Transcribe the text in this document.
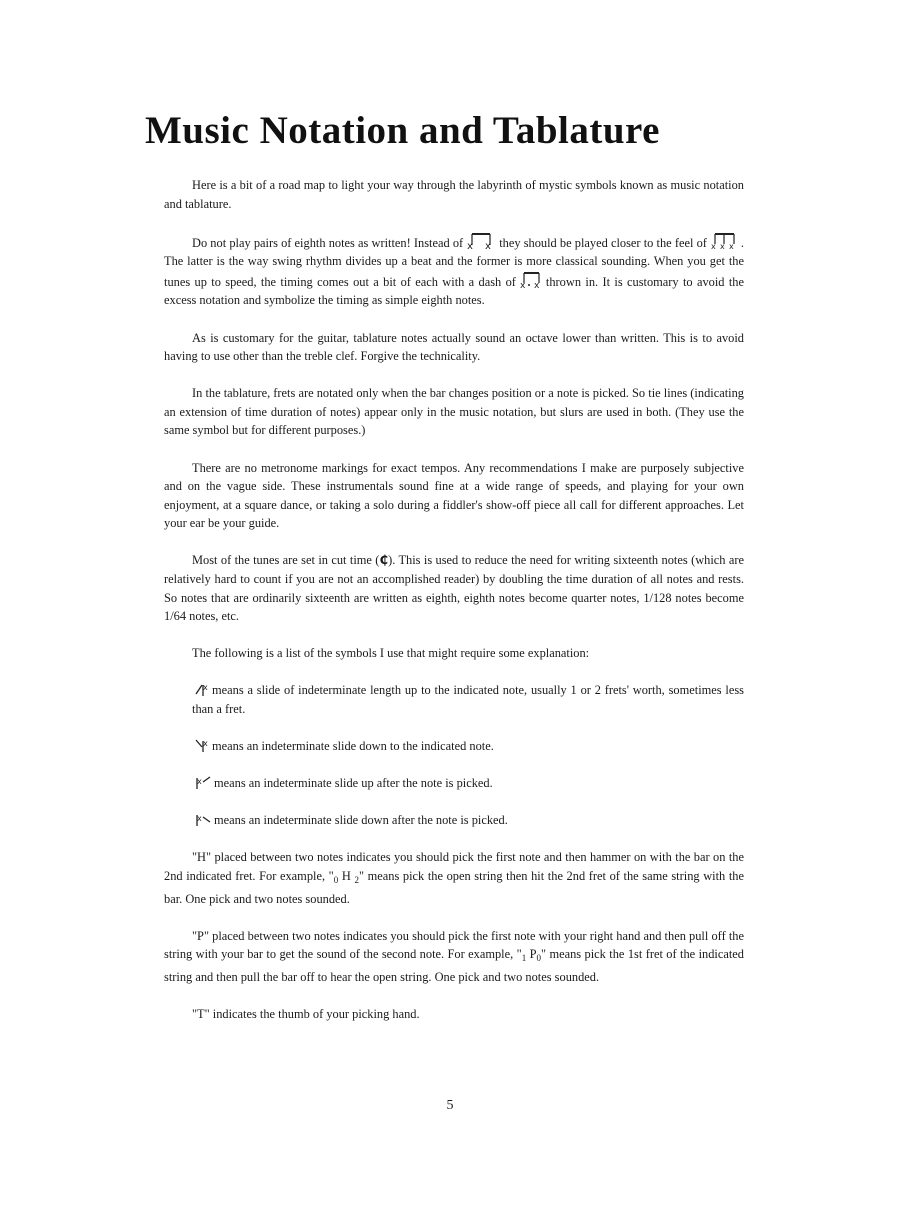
Music Notation and Tablature

Here is a bit of a road map to light your way through the labyrinth of mystic symbols known as music notation and tablature.

Do not play pairs of eighth notes as written! Instead of x x they should be played closer to the feel of x x x . The latter is the way swing rhythm divides up a beat and the former is more classical sounding. When you get the tunes up to speed, the timing comes out a bit of each with a dash of x x thrown in. It is customary to avoid the excess notation and symbolize the timing as simple eighth notes.

As is customary for the guitar, tablature notes actually sound an octave lower than written. This is to avoid having to use other than the treble clef. Forgive the technicality.

In the tablature, frets are notated only when the bar changes position or a note is picked. So tie lines (indicating an extension of time duration of notes) appear only in the music notation, but slurs are used in both. (They use the same symbol but for different purposes.)

There are no metronome markings for exact tempos. Any recommendations I make are purposely subjective and on the vague side. These instrumentals sound fine at a wide range of speeds, and playing for your own enjoyment, at a square dance, or taking a solo during a fiddler's show-off piece all call for different approaches. Let your ear be your guide.

Most of the tunes are set in cut time (₵). This is used to reduce the need for writing sixteenth notes (which are relatively hard to count if you are not an accomplished reader) by doubling the time duration of all notes and rests. So notes that are ordinarily sixteenth are written as eighth, eighth notes become quarter notes, 1/128 notes become 1/64 notes, etc.

The following is a list of the symbols I use that might require some explanation:

x means a slide of indeterminate length up to the indicated note, usually 1 or 2 frets' worth, sometimes less than a fret.

x means an indeterminate slide down to the indicated note.

x means an indeterminate slide up after the note is picked.

x means an indeterminate slide down after the note is picked.

"H" placed between two notes indicates you should pick the first note and then hammer on with the bar on the 2nd indicated fret. For example, "$_0$ H $_2$" means pick the open string then hit the 2nd fret of the same string with the bar. One pick and two notes sounded.

"P" placed between two notes indicates you should pick the first note with your right hand and then pull off the string with your bar to get the sound of the second note. For example, "$_1$ $P_0$" means pick the 1st fret of the indicated string and then pull the bar off to hear the open string. One pick and two notes sounded.

"T" indicates the thumb of your picking hand.

5
